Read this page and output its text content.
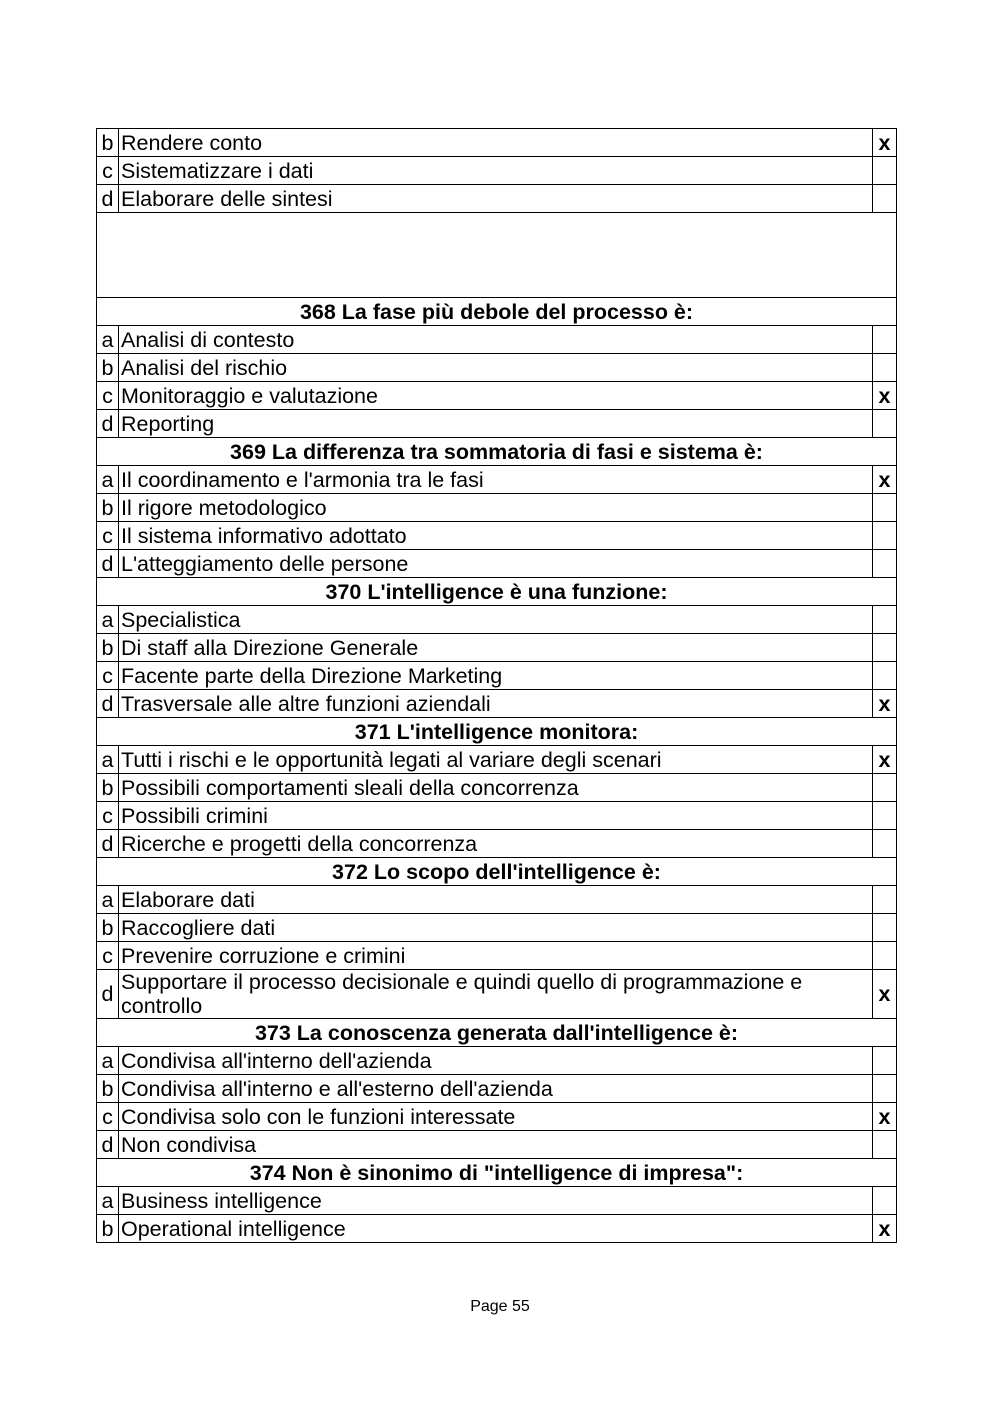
b	Rendere conto	x
c	Sistematizzare i dati	
d	Elaborare delle sintesi	

368 La fase più debole del processo è:		
a	Analisi di contesto	
b	Analisi del rischio	
c	Monitoraggio e valutazione	x
d	Reporting	
369 La differenza tra sommatoria di fasi e sistema è:		
a	Il coordinamento e l'armonia tra le fasi	x
b	Il rigore metodologico	
c	Il sistema informativo adottato	
d	L'atteggiamento delle persone	
370 L'intelligence è una funzione:		
a	Specialistica	
b	Di staff alla Direzione Generale	
c	Facente parte della Direzione Marketing	
d	Trasversale alle altre funzioni aziendali	x
371 L'intelligence monitora:		
a	Tutti i rischi e le opportunità legati al variare degli scenari	x
b	Possibili comportamenti sleali della concorrenza	
c	Possibili crimini	
d	Ricerche e progetti della concorrenza	
372 Lo scopo dell'intelligence è:		
a	Elaborare dati	
b	Raccogliere dati	
c	Prevenire corruzione e crimini	
d	Supportare il processo decisionale e quindi quello di programmazione e controllo	x
373 La conoscenza generata dall'intelligence è:		
a	Condivisa all'interno dell'azienda	
b	Condivisa all'interno e all'esterno dell'azienda	
c	Condivisa solo con le funzioni interessate	x
d	Non condivisa	
374 Non è sinonimo di "intelligence di impresa":		
a	Business intelligence	
b	Operational intelligence	x
Page 55
